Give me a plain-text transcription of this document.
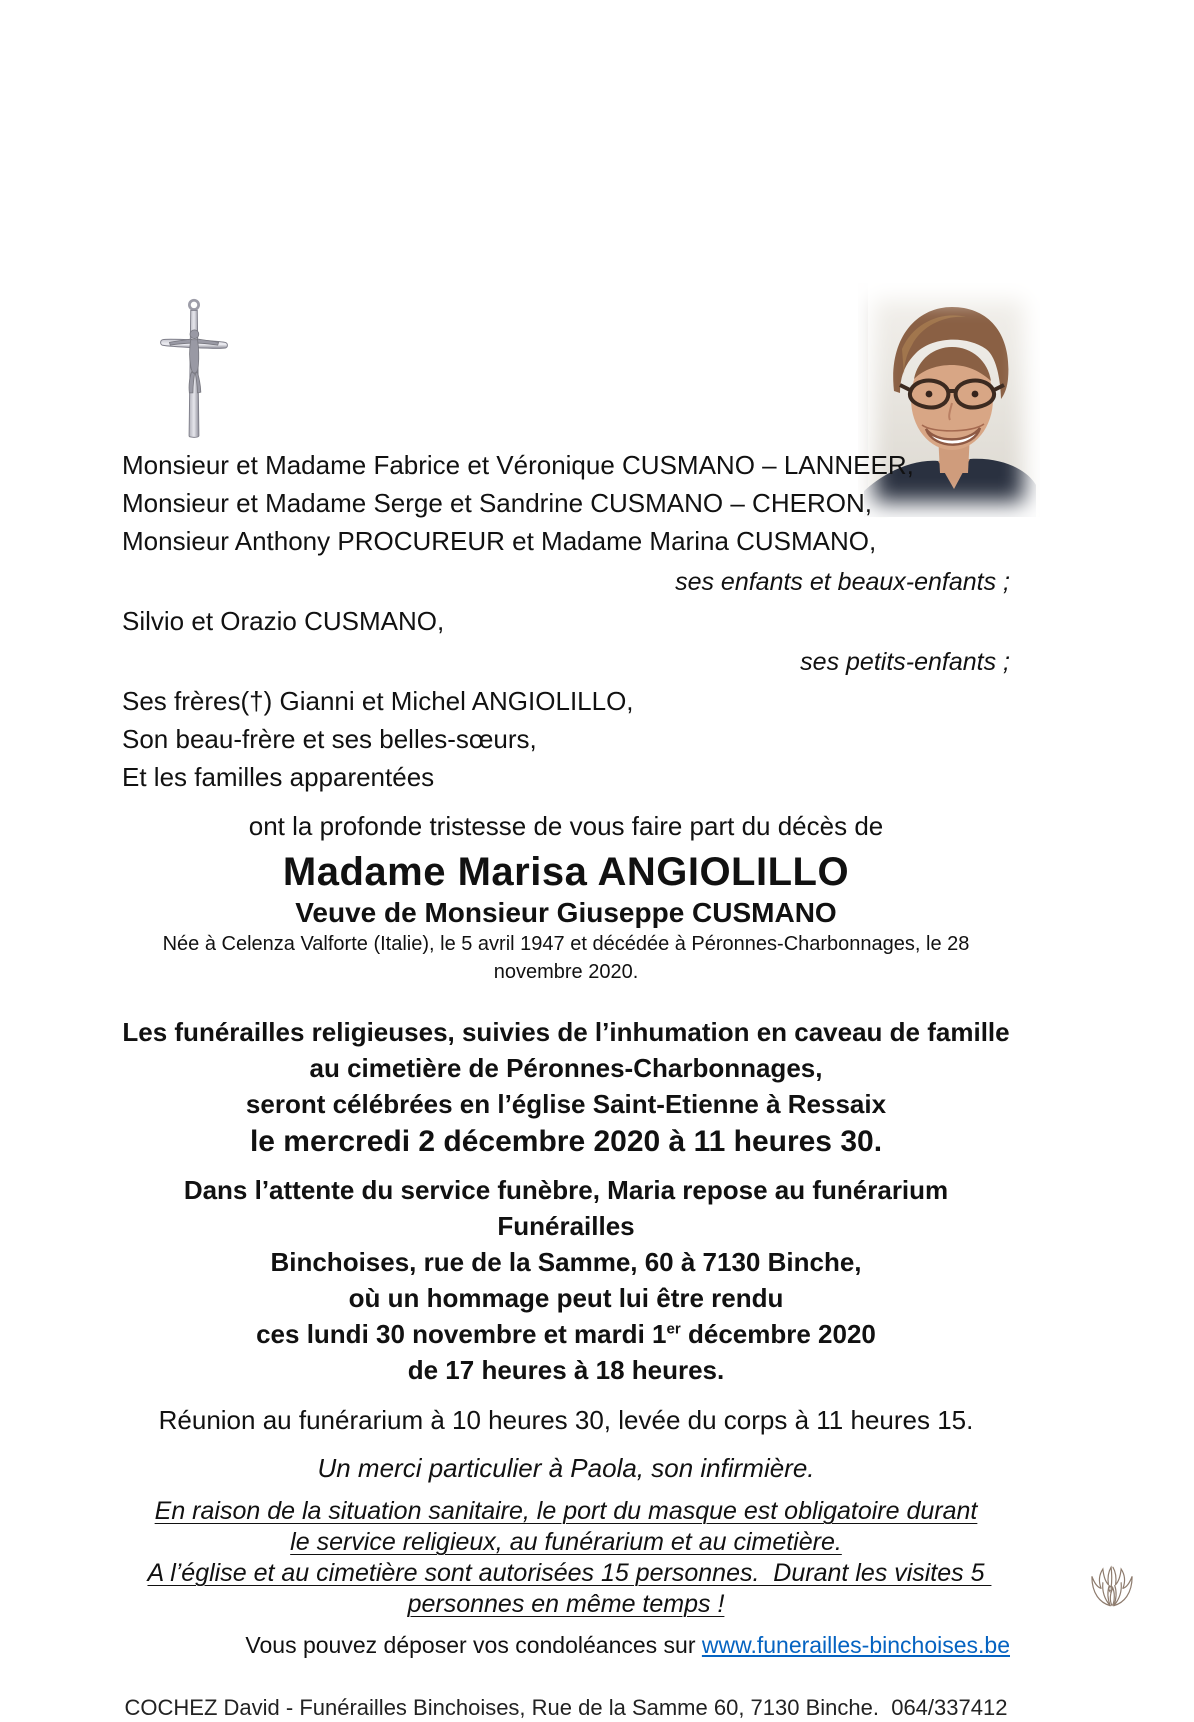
Monsieur et Madame Fabrice et Véronique CUSMANO – LANNEER,

Monsieur et Madame Serge et Sandrine CUSMANO – CHERON,

Monsieur Anthony PROCUREUR et Madame Marina CUSMANO,

ses enfants et beaux-enfants ;

Silvio et Orazio CUSMANO,

ses petits-enfants ;

Ses frères(†) Gianni et Michel ANGIOLILLO,

Son beau-frère et ses belles-sœurs,

Et les familles apparentées

ont la profonde tristesse de vous faire part du décès de

Madame Marisa ANGIOLILLO

Veuve de Monsieur Giuseppe CUSMANO

Née à Celenza Valforte (Italie), le 5 avril 1947 et décédée à Péronnes-Charbonnages, le 28 novembre 2020.

Les funérailles religieuses, suivies de l’inhumation en caveau de famille

au cimetière de Péronnes-Charbonnages,

seront célébrées en l’église Saint-Etienne à Ressaix

le mercredi 2 décembre 2020 à 11 heures 30.

Dans l’attente du service funèbre, Maria repose au funérarium Funérailles

Binchoises, rue de la Samme, 60 à 7130 Binche,

où un hommage peut lui être rendu

ces lundi 30 novembre et mardi 1er décembre 2020

de 17 heures à 18 heures.

Réunion au funérarium à 10 heures 30, levée du corps à 11 heures 15.

Un merci particulier à Paola, son infirmière.

En raison de la situation sanitaire, le port du masque est obligatoire durant

le service religieux, au funérarium et au cimetière.

A l’église et au cimetière sont autorisées 15 personnes.  Durant les visites 5 personnes en même temps !

Vous pouvez déposer vos condoléances sur www.funerailles-binchoises.be

COCHEZ David - Funérailles Binchoises, Rue de la Samme 60, 7130 Binche.  064/337412
